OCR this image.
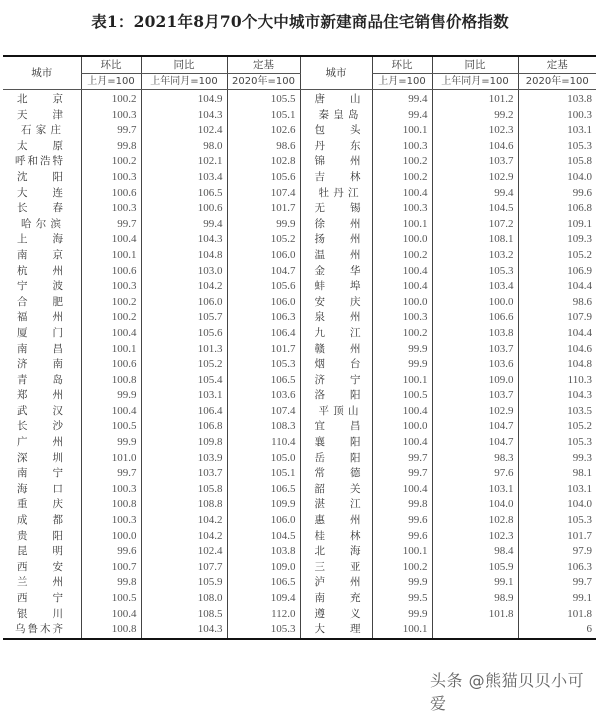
表1：2021年8月70个大中城市新建商品住宅销售价格指数
城市	环比	同比	定基	城市	环比	同比	定基
	上月=100	上年同月=100	2020年=100		上月=100	上年同月=100	2020年=100

北京	100.2	104.9	105.5	唐山	99.4	101.2	103.8

天津	100.3	104.3	105.1	秦皇岛	99.4	99.2	100.3

石家庄	99.7	102.4	102.6	包头	100.1	102.3	103.1

太原	99.8	98.0	98.6	丹东	100.3	104.6	105.3

呼和浩特	100.2	102.1	102.8	锦州	100.2	103.7	105.8

沈阳	100.3	103.4	105.6	吉林	100.2	102.9	104.0

大连	100.6	106.5	107.4	牡丹江	100.4	99.4	99.6

长春	100.3	100.6	101.7	无锡	100.3	104.5	106.8

哈尔滨	99.7	99.4	99.9	徐州	100.1	107.2	109.1

上海	100.4	104.3	105.2	扬州	100.0	108.1	109.3

南京	100.1	104.8	106.0	温州	100.2	103.2	105.2

杭州	100.6	103.0	104.7	金华	100.4	105.3	106.9

宁波	100.3	104.2	105.6	蚌埠	100.4	103.4	104.4

合肥	100.2	106.0	106.0	安庆	100.0	100.0	98.6

福州	100.2	105.7	106.3	泉州	100.3	106.6	107.9

厦门	100.4	105.6	106.4	九江	100.2	103.8	104.4

南昌	100.1	101.3	101.7	赣州	99.9	103.7	104.6

济南	100.6	105.2	105.3	烟台	99.9	103.6	104.8

青岛	100.8	105.4	106.5	济宁	100.1	109.0	110.3

郑州	99.9	103.1	103.6	洛阳	100.5	103.7	104.3

武汉	100.4	106.4	107.4	平顶山	100.4	102.9	103.5

长沙	100.5	106.8	108.3	宜昌	100.0	104.7	105.2

广州	99.9	109.8	110.4	襄阳	100.4	104.7	105.3

深圳	101.0	103.9	105.0	岳阳	99.7	98.3	99.3

南宁	99.7	103.7	105.1	常德	99.7	97.6	98.1

海口	100.3	105.8	106.5	韶关	100.4	103.1	103.1

重庆	100.8	108.8	109.9	湛江	99.8	104.0	104.0

成都	100.3	104.2	106.0	惠州	99.6	102.8	105.3

贵阳	100.0	104.2	104.5	桂林	99.6	102.3	101.7

昆明	99.6	102.4	103.8	北海	100.1	98.4	97.9

西安	100.7	107.7	109.0	三亚	100.2	105.9	106.3

兰州	99.8	105.9	106.5	泸州	99.9	99.1	99.7

西宁	100.5	108.0	109.4	南充	99.5	98.9	99.1

银川	100.4	108.5	112.0	遵义	99.9	101.8	101.8

乌鲁木齐	100.8	104.3	105.3	大理	100.1		6
头条 @熊猫贝贝小可爱
